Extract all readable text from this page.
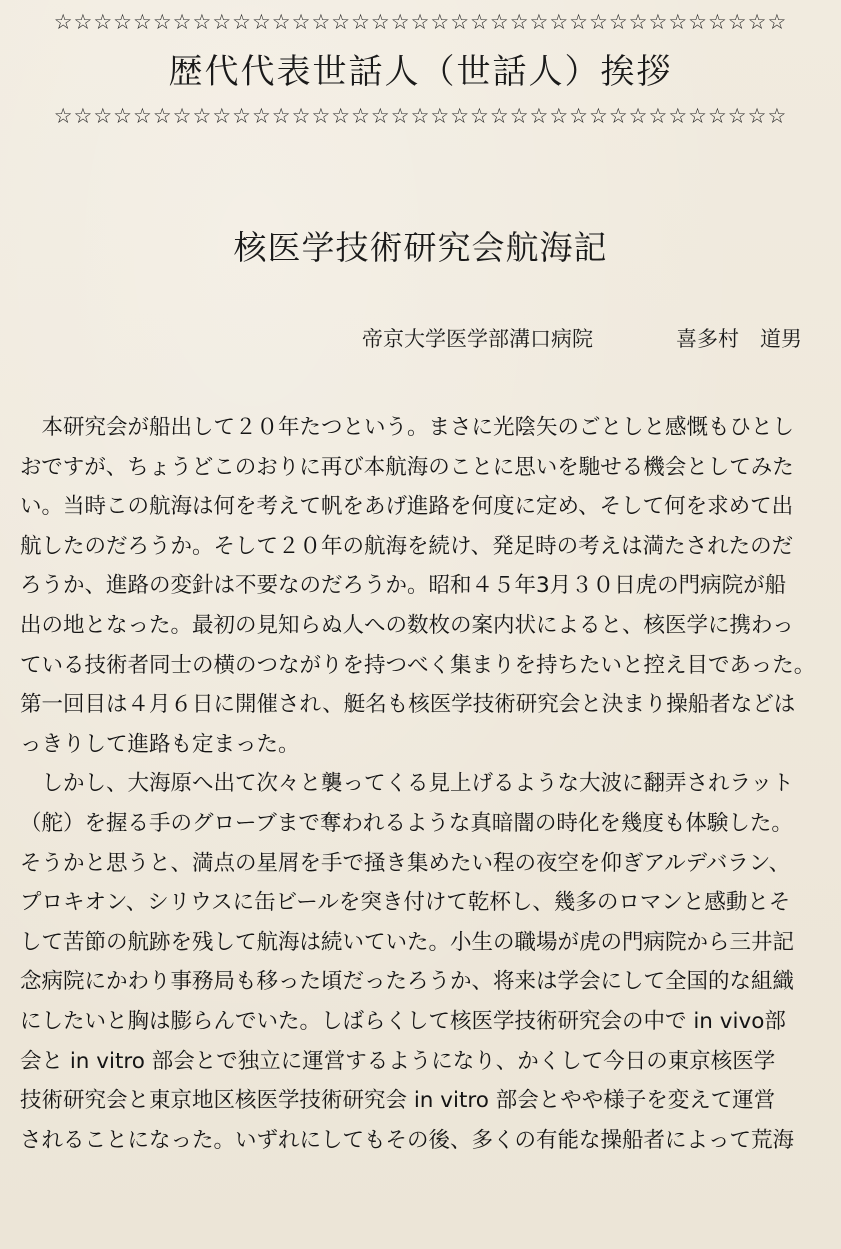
☆☆☆☆☆☆☆☆☆☆☆☆☆☆☆☆☆☆☆☆☆☆☆☆☆☆☆☆☆☆☆☆☆☆☆☆☆
歴代代表世話人（世話人）挨拶
☆☆☆☆☆☆☆☆☆☆☆☆☆☆☆☆☆☆☆☆☆☆☆☆☆☆☆☆☆☆☆☆☆☆☆☆☆
核医学技術研究会航海記
帝京大学医学部溝口病院	喜多村　道男
　本研究会が船出して２０年たつという。まさに光陰矢のごとしと感慨もひとし
おですが、ちょうどこのおりに再び本航海のことに思いを馳せる機会としてみた
い。当時この航海は何を考えて帆をあげ進路を何度に定め、そして何を求めて出
航したのだろうか。そして２０年の航海を続け、発足時の考えは満たされたのだ
ろうか、進路の変針は不要なのだろうか。昭和４５年3月３０日虎の門病院が船
出の地となった。最初の見知らぬ人への数枚の案内状によると、核医学に携わっ
ている技術者同士の横のつながりを持つべく集まりを持ちたいと控え目であった。
第一回目は４月６日に開催され、艇名も核医学技術研究会と決まり操船者などは
っきりして進路も定まった。
　しかし、大海原へ出て次々と襲ってくる見上げるような大波に翻弄されラット
（舵）を握る手のグローブまで奪われるような真暗闇の時化を幾度も体験した。
そうかと思うと、満点の星屑を手で掻き集めたい程の夜空を仰ぎアルデバラン、
プロキオン、シリウスに缶ビールを突き付けて乾杯し、幾多のロマンと感動とそ
して苦節の航跡を残して航海は続いていた。小生の職場が虎の門病院から三井記
念病院にかわり事務局も移った頃だったろうか、将来は学会にして全国的な組織
にしたいと胸は膨らんでいた。しばらくして核医学技術研究会の中で in vivo部
会と in vitro 部会とで独立に運営するようになり、かくして今日の東京核医学
技術研究会と東京地区核医学技術研究会 in vitro 部会とやや様子を変えて運営
されることになった。いずれにしてもその後、多くの有能な操船者によって荒海
